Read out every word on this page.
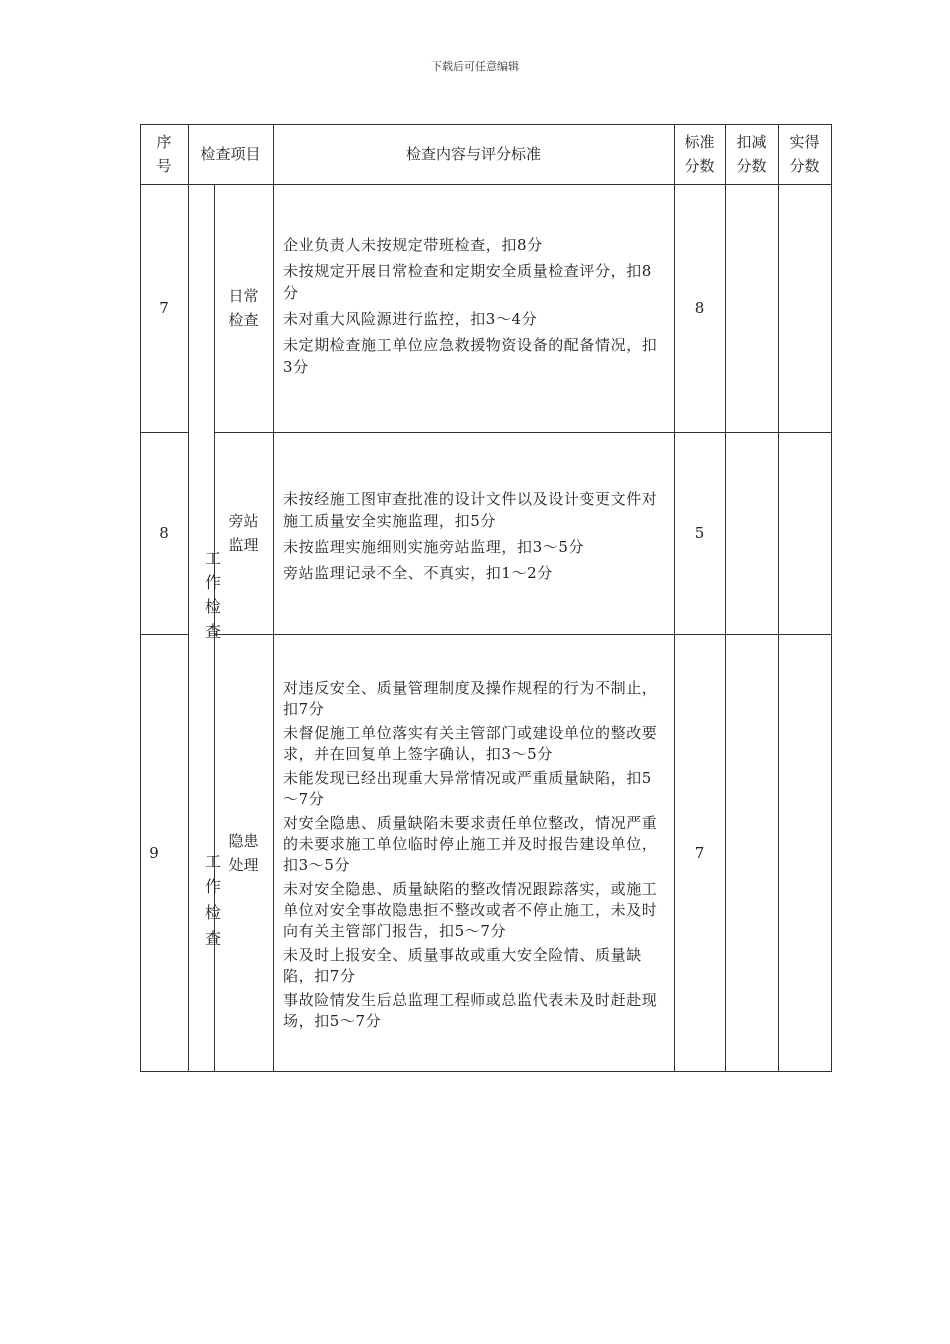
下载后可任意编辑
序
号
检查项目	检查内容与评分标准
标准
分数
扣减
分数
实得
分数
工
作
检
查
工
作
检
查
7
日常
检查

企业负责人未按规定带班检查，扣8分

未按规定开展日常检查和定期安全质量检查评分，扣8分

未对重大风险源进行监控，扣3～4分

未定期检查施工单位应急救援物资设备的配备情况，扣3分

8
8
旁站
监理

未按经施工图审查批准的设计文件以及设计变更文件对施工质量安全实施监理，扣5分

未按监理实施细则实施旁站监理，扣3～5分

旁站监理记录不全、不真实，扣1～2分

5
9
隐患
处理

对违反安全、质量管理制度及操作规程的行为不制止，扣7分

未督促施工单位落实有关主管部门或建设单位的整改要求，并在回复单上签字确认，扣3～5分

未能发现已经出现重大异常情况或严重质量缺陷，扣5～7分

对安全隐患、质量缺陷未要求责任单位整改，情况严重的未要求施工单位临时停止施工并及时报告建设单位，扣3～5分

未对安全隐患、质量缺陷的整改情况跟踪落实，或施工单位对安全事故隐患拒不整改或者不停止施工，未及时向有关主管部门报告，扣5～7分

未及时上报安全、质量事故或重大安全险情、质量缺陷，扣7分

事故险情发生后总监理工程师或总监代表未及时赶赴现场，扣5～7分

7
